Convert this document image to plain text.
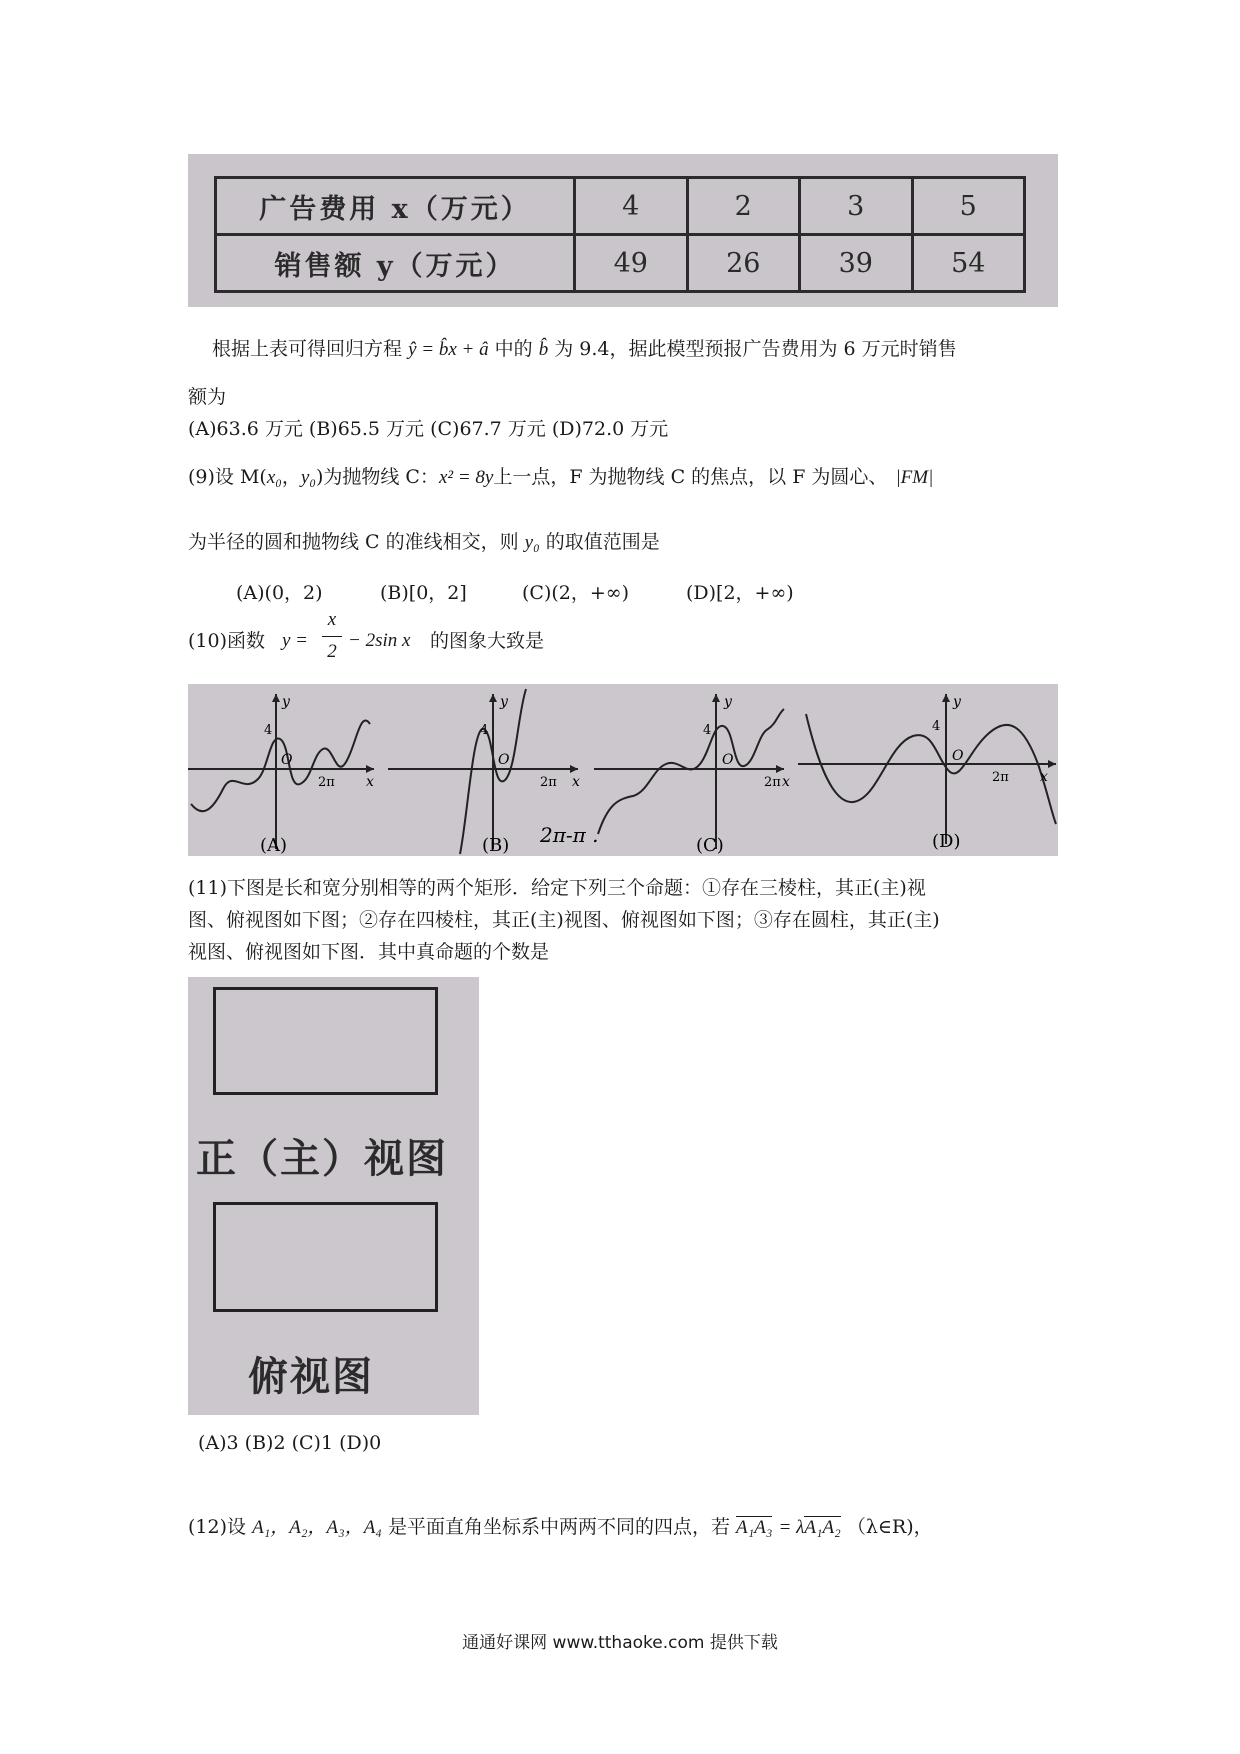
广告费用 x（万元）	4	2	3	5
销售额 y（万元）	49	26	39	54
根据上表可得回归方程 ŷ = b̂x + â 中的 b̂ 为 9.4，据此模型预报广告费用为 6 万元时销售
额为
(A)63.6 万元 (B)65.5 万元 (C)67.7 万元 (D)72.0 万元
(9)设 M(x₀，y₀)为抛物线 C：x² = 8y上一点，F 为抛物线 C 的焦点，以 F 为圆心、 |FM|
为半径的圆和抛物线 C 的准线相交，则 y₀ 的取值范围是
(A)(0，2)	(B)[0，2]	(C)(2，+∞)	(D)[2，+∞)
(10)函数 y =
x
2
− 2sin x 的图象大致是
y
4
O
2π x
(A)
y
4
O
2π x
(B) 2π-π .
y
4
O
2π x
(C)
y
4
O
2π x
(D)
(11)下图是长和宽分别相等的两个矩形．给定下列三个命题：①存在三棱柱，其正(主)视
图、俯视图如下图；②存在四棱柱，其正(主)视图、俯视图如下图；③存在圆柱，其正(主)
视图、俯视图如下图．其中真命题的个数是
正（主）视图
俯视图
(A)3 (B)2 (C)1 (D)0
(12)设 A₁，A₂，A₃，A₄ 是平面直角坐标系中两两不同的四点，若 A₁A₃ = λA₁A₂ （λ∈R)，
通通好课网 www.tthaoke.com 提供下载
